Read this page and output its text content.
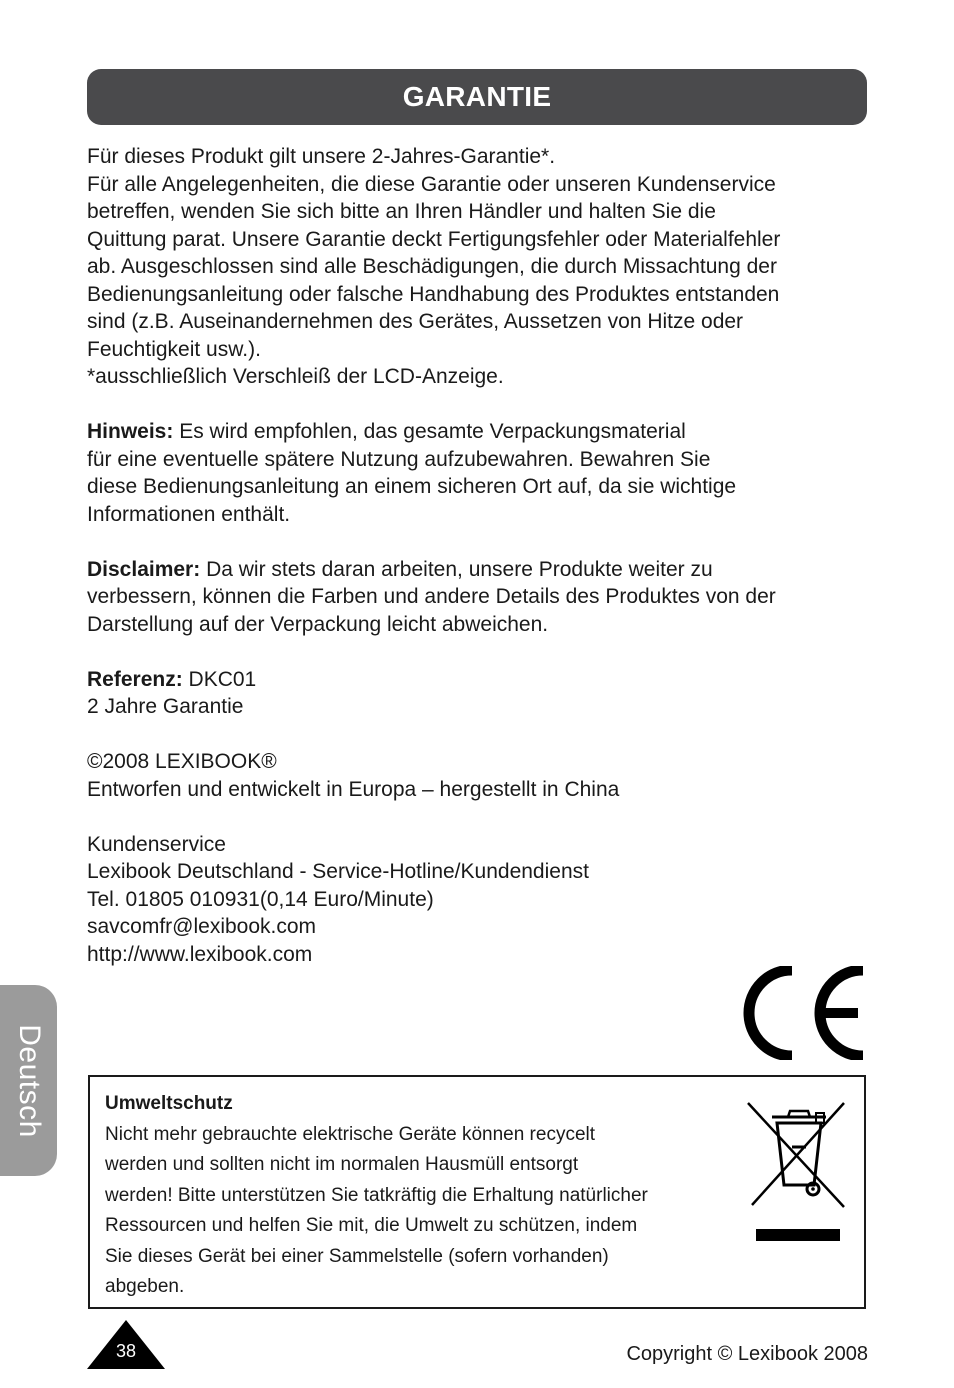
GARANTIE

Für dieses Produkt gilt unsere 2-Jahres-Garantie*.

Für alle Angelegenheiten, die diese Garantie oder unseren Kundenservice

betreffen, wenden Sie sich bitte an Ihren Händler und halten Sie die

Quittung parat. Unsere Garantie deckt Fertigungsfehler oder Materialfehler

ab. Ausgeschlossen sind alle Beschädigungen, die durch Missachtung der

Bedienungsanleitung oder falsche Handhabung des Produktes entstanden

sind (z.B. Auseinandernehmen des Gerätes, Aussetzen von Hitze oder

Feuchtigkeit usw.).

*ausschließlich Verschleiß der LCD-Anzeige.

Hinweis: Es wird empfohlen, das gesamte Verpackungsmaterial

für eine eventuelle spätere Nutzung aufzubewahren. Bewahren Sie

diese Bedienungsanleitung an einem sicheren Ort auf, da sie wichtige

Informationen enthält.

Disclaimer: Da wir stets daran arbeiten, unsere Produkte weiter zu

verbessern, können die Farben und andere Details des Produktes von der

Darstellung auf der Verpackung leicht abweichen.

Referenz: DKC01

2 Jahre Garantie

©2008 LEXIBOOK®

Entworfen und entwickelt in Europa – hergestellt in China

Kundenservice

Lexibook Deutschland - Service-Hotline/Kundendienst

Tel. 01805 010931(0,14 Euro/Minute)

savcomfr@lexibook.com

http://www.lexibook.com

Deutsch	Umweltschutz
Nicht mehr gebrauchte elektrische Geräte können recycelt
werden und sollten nicht im normalen Hausmüll entsorgt
werden! Bitte unterstützen Sie tatkräftig die Erhaltung natürlicher
Ressourcen und helfen Sie mit, die Umwelt zu schützen, indem
Sie dieses Gerät bei einer Sammelstelle (sofern vorhanden)
abgeben.
38	Copyright © Lexibook 2008
